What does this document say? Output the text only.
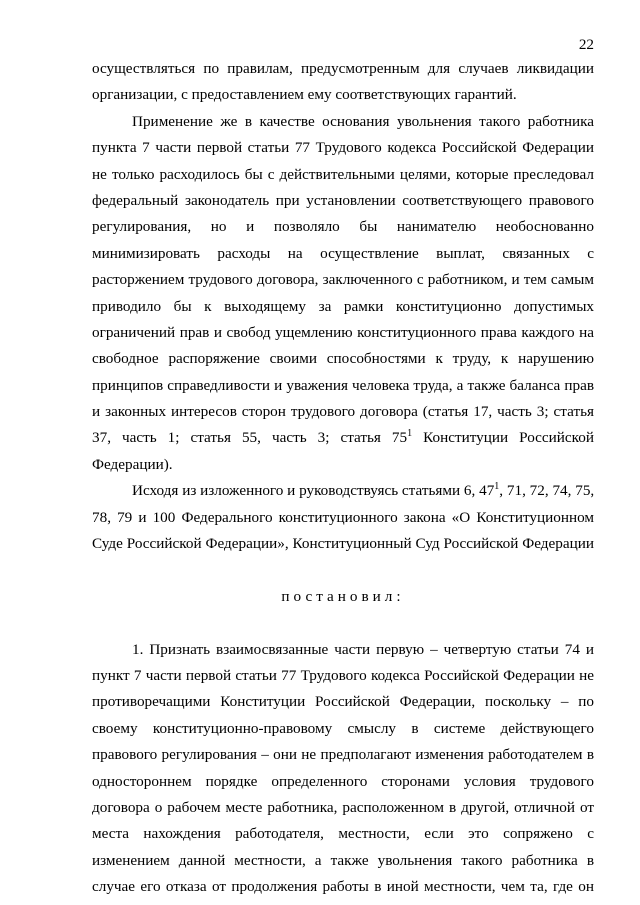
22
осуществляться по правилам, предусмотренным для случаев ликвидации
организации, с предоставлением ему соответствующих гарантий.
Применение же в качестве основания увольнения такого работника
пункта 7 части первой статьи 77 Трудового кодекса Российской Федерации
не только расходилось бы с действительными целями, которые преследовал
федеральный законодатель при установлении соответствующего правового
регулирования, но и позволяло бы нанимателю необоснованно
минимизировать расходы на осуществление выплат, связанных с
расторжением трудового договора, заключенного с работником, и тем самым
приводило бы к выходящему за рамки конституционно допустимых
ограничений прав и свобод ущемлению конституционного права каждого на
свободное распоряжение своими способностями к труду, к нарушению
принципов справедливости и уважения человека труда, а также баланса прав
и законных интересов сторон трудового договора (статья 17, часть 3; статья
37, часть 1; статья 55, часть 3; статья $75^1$ Конституции Российской
Федерации).
Исходя из изложенного и руководствуясь статьями 6, $47^1$, 71, 72, 74, 75,
78, 79 и 100 Федерального конституционного закона «О Конституционном
Суде Российской Федерации», Конституционный Суд Российской Федерации
постановил:
1. Признать взаимосвязанные части первую – четвертую статьи 74 и
пункт 7 части первой статьи 77 Трудового кодекса Российской Федерации не
противоречащими Конституции Российской Федерации, поскольку – по
своему конституционно-правовому смыслу в системе действующего
правового регулирования – они не предполагают изменения работодателем в
одностороннем порядке определенного сторонами условия трудового
договора о рабочем месте работника, расположенном в другой, отличной от
места нахождения работодателя, местности, если это сопряжено с
изменением данной местности, а также увольнения такого работника в
случае его отказа от продолжения работы в иной местности, чем та, где он
